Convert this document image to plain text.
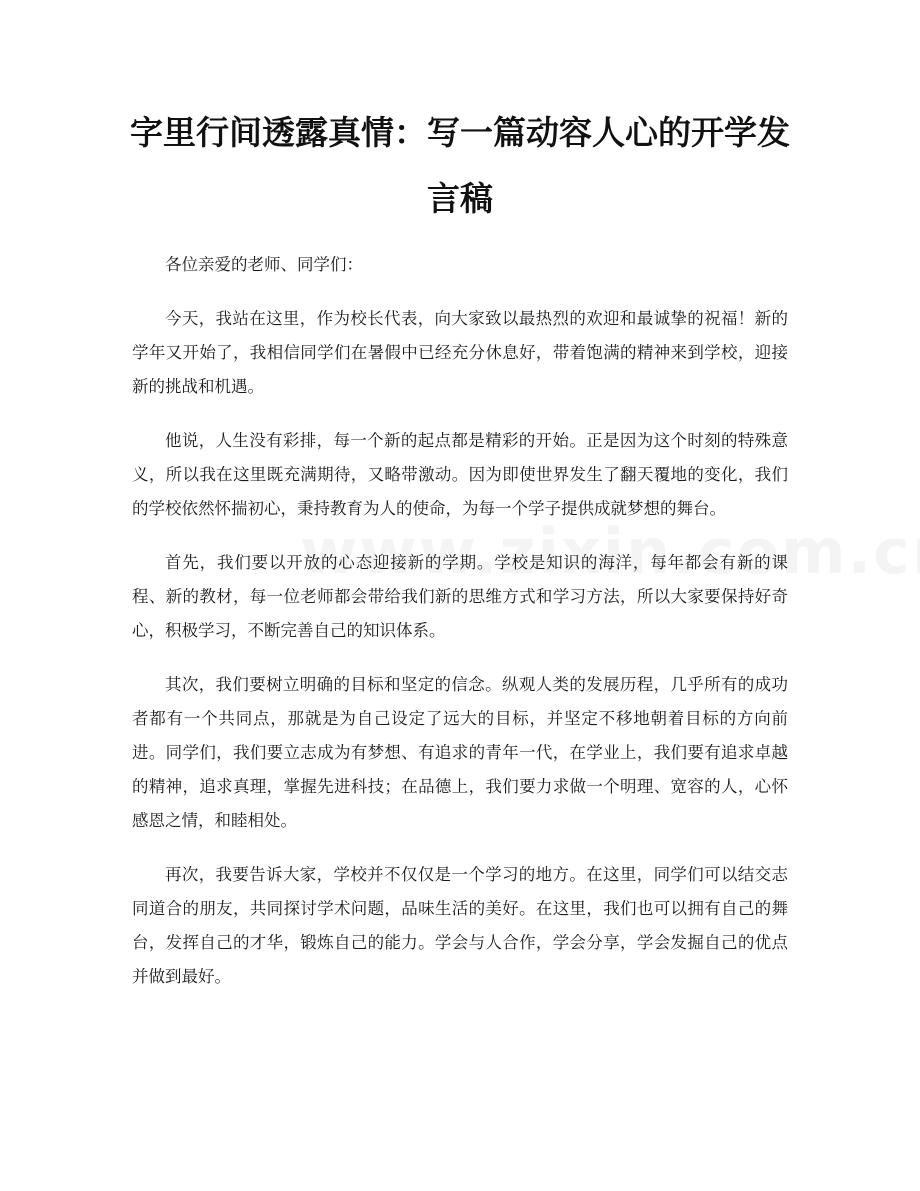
字里行间透露真情：写一篇动容人心的开学发言稿

各位亲爱的老师、同学们：

今天，我站在这里，作为校长代表，向大家致以最热烈的欢迎和最诚挚的祝福！新的学年又开始了，我相信同学们在暑假中已经充分休息好，带着饱满的精神来到学校，迎接新的挑战和机遇。

他说，人生没有彩排，每一个新的起点都是精彩的开始。正是因为这个时刻的特殊意义，所以我在这里既充满期待，又略带激动。因为即使世界发生了翻天覆地的变化，我们的学校依然怀揣初心，秉持教育为人的使命，为每一个学子提供成就梦想的舞台。

首先，我们要以开放的心态迎接新的学期。学校是知识的海洋，每年都会有新的课程、新的教材，每一位老师都会带给我们新的思维方式和学习方法，所以大家要保持好奇心，积极学习，不断完善自己的知识体系。

其次，我们要树立明确的目标和坚定的信念。纵观人类的发展历程，几乎所有的成功者都有一个共同点，那就是为自己设定了远大的目标，并坚定不移地朝着目标的方向前进。同学们，我们要立志成为有梦想、有追求的青年一代，在学业上，我们要有追求卓越的精神，追求真理，掌握先进科技；在品德上，我们要力求做一个明理、宽容的人，心怀感恩之情，和睦相处。

再次，我要告诉大家，学校并不仅仅是一个学习的地方。在这里，同学们可以结交志同道合的朋友，共同探讨学术问题，品味生活的美好。在这里，我们也可以拥有自己的舞台，发挥自己的才华，锻炼自己的能力。学会与人合作，学会分享，学会发掘自己的优点并做到最好。
